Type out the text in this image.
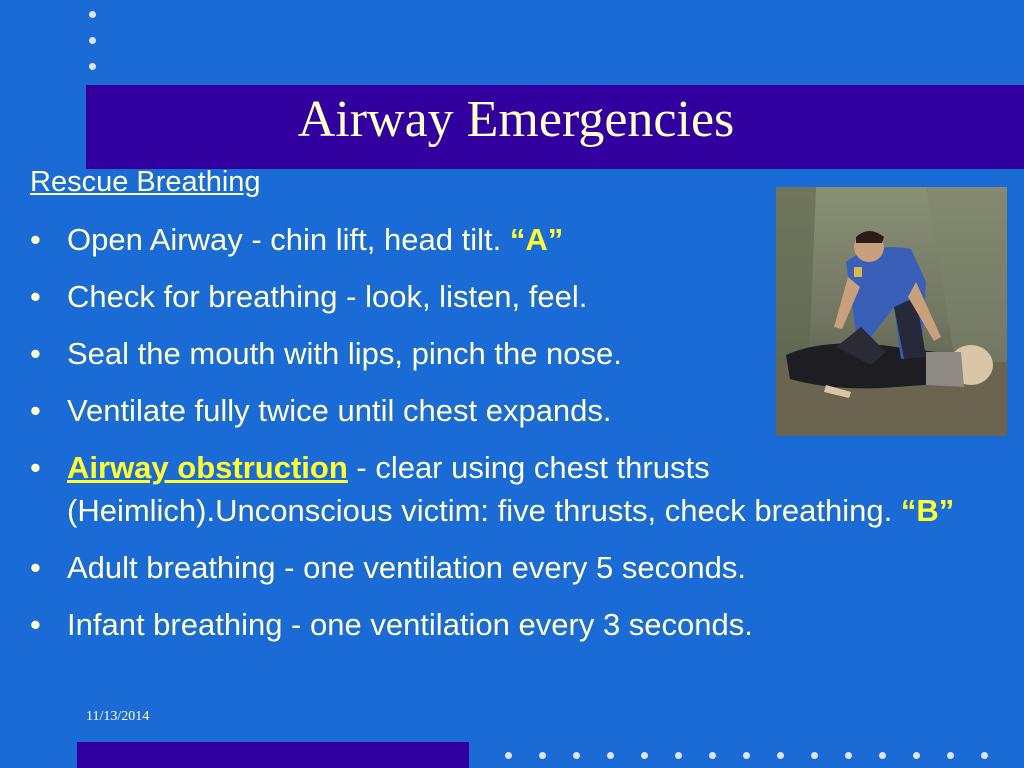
Airway Emergencies

Rescue Breathing

• Open Airway - chin lift, head tilt. “A”
• Check for breathing - look, listen, feel.
• Seal the mouth with lips, pinch the nose.
• Ventilate fully twice until chest expands.
• Airway obstruction - clear using chest thrusts (Heimlich).Unconscious victim: five thrusts, check breathing. “B”
• Adult breathing - one ventilation every 5 seconds.
• Infant breathing - one ventilation every 3 seconds.
11/13/2014
